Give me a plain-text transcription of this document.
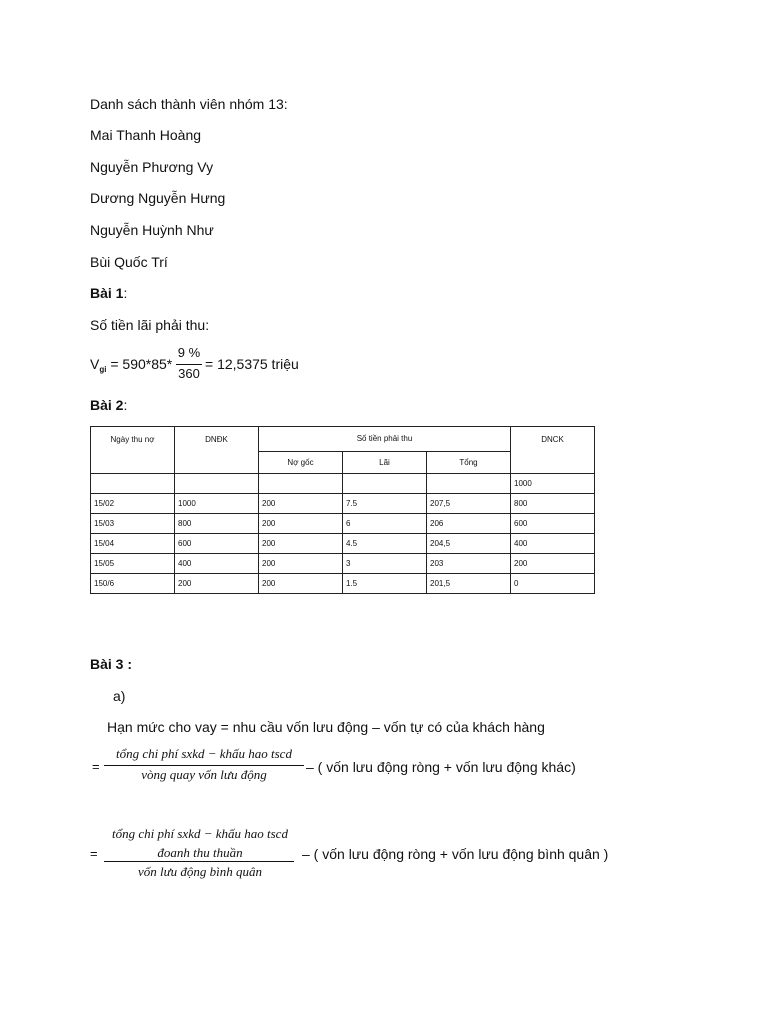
Danh sách thành viên nhóm 13:
Mai Thanh Hoàng
Nguyễn Phương Vy
Dương Nguyễn Hưng
Nguyễn Huỳnh Như
Bùi Quốc Trí
Bài 1:
Số tiền lãi phải thu:
$V_{gi} = 590*85*$
9 %
360
= 12,5375 triệu
Bài 2:
Ngày thu nợ	DNĐK	Số tiền phải thu			DNCK
		Nợ gốc	Lãi	Tổng	
					1000
15/02	1000	200	7.5	207,5	800
15/03	800	200	6	206	600
15/04	600	200	4.5	204,5	400
15/05	400	200	3	203	200
150/6	200	200	1.5	201,5	0
Bài 3 :
a)
Hạn mức cho vay = nhu cầu vốn lưu động – vốn tự có của khách hàng
=
tổng chi phí sxkd − khấu hao tscd
vòng quay vốn lưu động	– ( vốn lưu động ròng + vốn lưu động khác)
=
tổng chi phí sxkd − khấu hao tscd
đoanh thu thuần
vốn lưu động bình quân
– ( vốn lưu động ròng + vốn lưu động bình quân )
